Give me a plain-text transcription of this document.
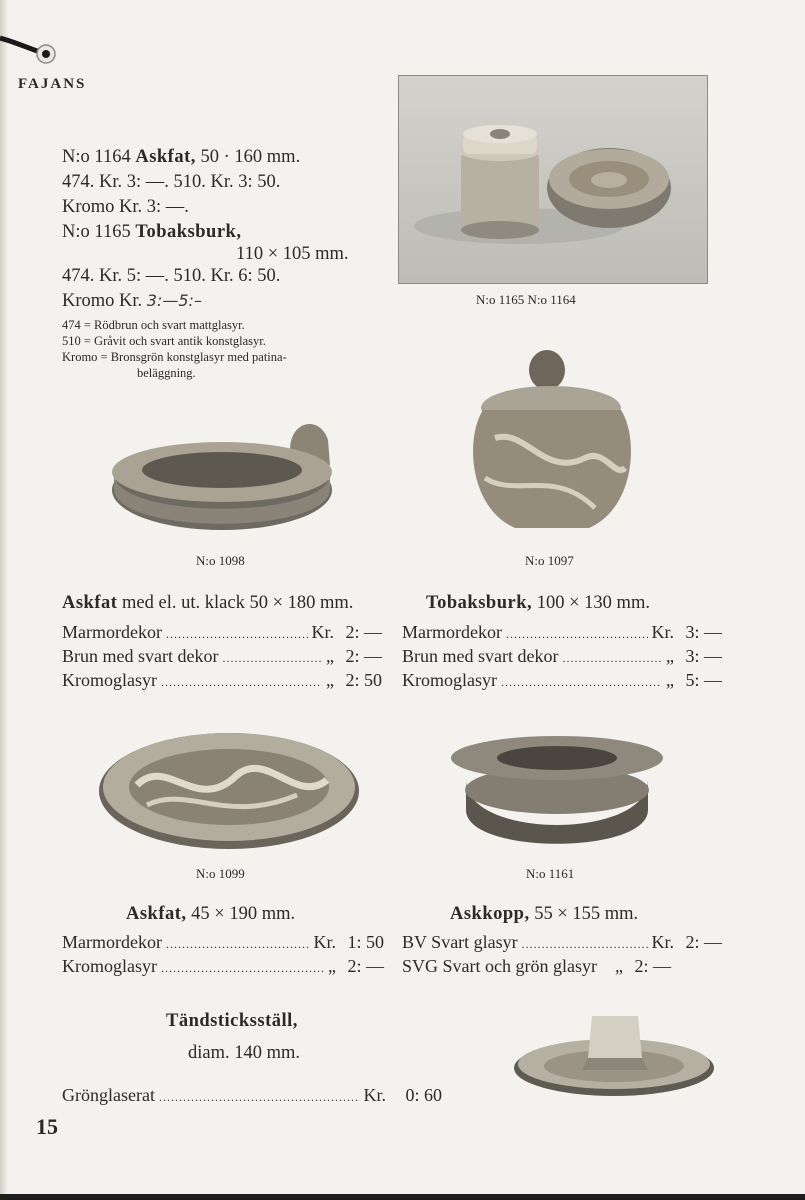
FAJANS
N:o 1164 Askfat, 50 · 160 mm.
474. Kr. 3: —. 510. Kr. 3: 50.
Kromo Kr. 3: —.
N:o 1165 Tobaksburk,
110 × 105 mm.
474. Kr. 5: —. 510. Kr. 6: 50.
Kromo Kr. 3:—5:–
474 = Rödbrun och svart mattglasyr.
510 = Gråvit och svart antik konstglasyr.
Kromo = Bronsgrön konstglasyr med patina-
beläggning.
N:o 1165 N:o 1164
N:o 1098	N:o 1097
Askfat med el. ut. klack 50 × 180 mm.
Marmordekor .....	Kr. 2: —
Brun med svart dekor .....	„ 2: —
Kromoglasyr .....	„ 2: 50
Tobaksburk, 100 × 130 mm.
Marmordekor .....	Kr. 3: —
Brun med svart dekor .....	„ 3: —
Kromoglasyr .....	„ 5: —
N:o 1099	N:o 1161
Askfat, 45 × 190 mm.
Marmordekor .....	Kr. 1: 50
Kromoglasyr .....	„ 2: —
Askkopp, 55 × 155 mm.
BV Svart glasyr .....	Kr. 2: —
SVG Svart och grön glasyr „ 2: —
Tändsticksställ,
diam. 140 mm.
Grönglaserat .....	Kr.	0: 60
15
